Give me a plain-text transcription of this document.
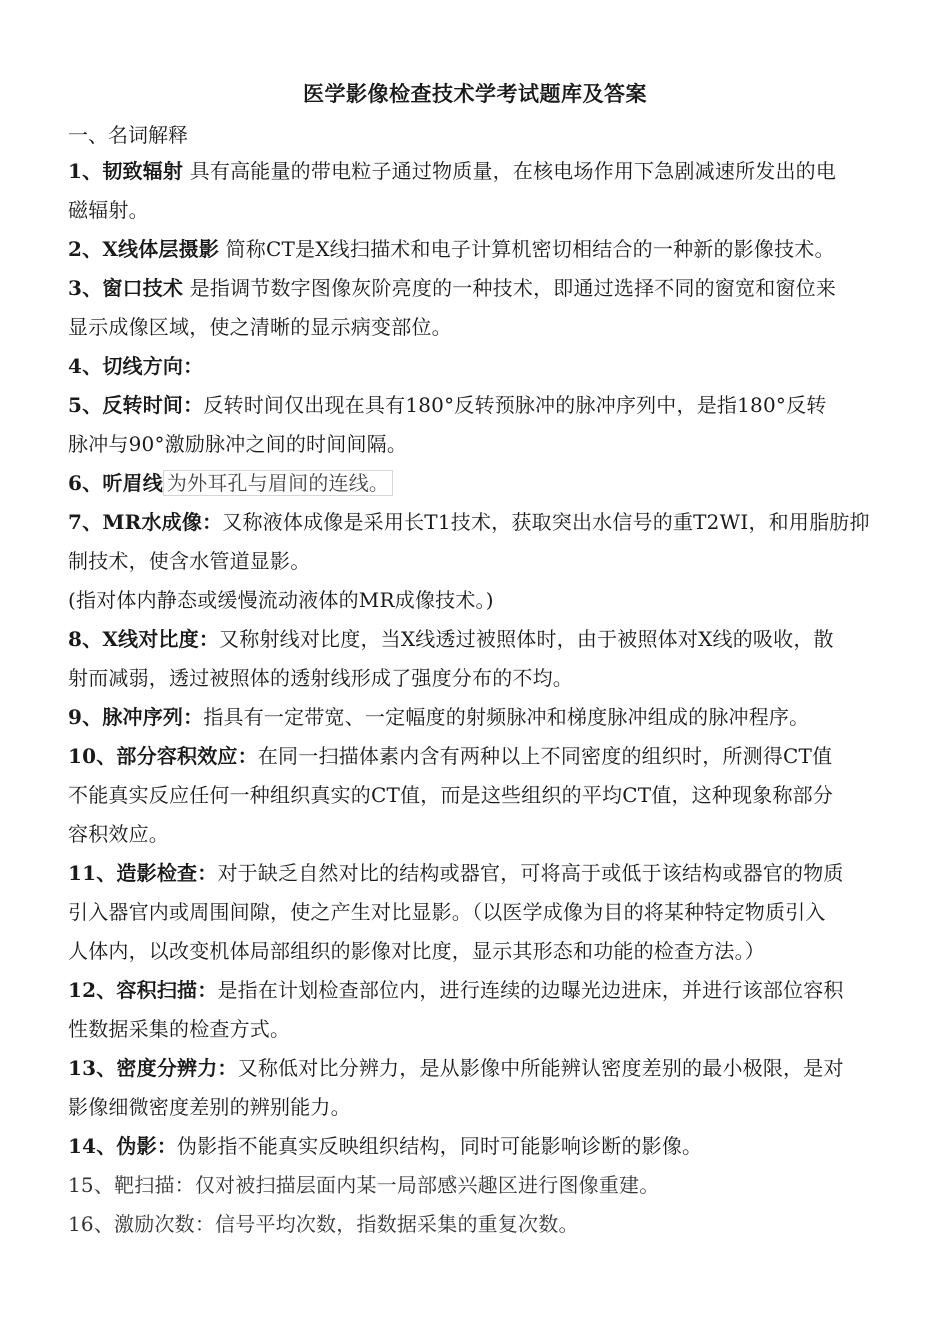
医学影像检查技术学考试题库及答案
一、名词解释
1、韧致辐射 具有高能量的带电粒子通过物质量，在核电场作用下急剧减速所发出的电
磁辐射。
2、X线体层摄影 简称CT是X线扫描术和电子计算机密切相结合的一种新的影像技术。
3、窗口技术 是指调节数字图像灰阶亮度的一种技术，即通过选择不同的窗宽和窗位来
显示成像区域，使之清晰的显示病变部位。
4、切线方向：
5、反转时间：反转时间仅出现在具有180°反转预脉冲的脉冲序列中，是指180°反转
脉冲与90°激励脉冲之间的时间间隔。
6、听眉线 为外耳孔与眉间的连线。
7、MR水成像：又称液体成像是采用长T1技术，获取突出水信号的重T2WI，和用脂肪抑
制技术，使含水管道显影。
(指对体内静态或缓慢流动液体的MR成像技术。)
8、X线对比度：又称射线对比度，当X线透过被照体时，由于被照体对X线的吸收，散
射而减弱，透过被照体的透射线形成了强度分布的不均。
9、脉冲序列：指具有一定带宽、一定幅度的射频脉冲和梯度脉冲组成的脉冲程序。
10、部分容积效应：在同一扫描体素内含有两种以上不同密度的组织时，所测得CT值
不能真实反应任何一种组织真实的CT值，而是这些组织的平均CT值，这种现象称部分
容积效应。
11、造影检查：对于缺乏自然对比的结构或器官，可将高于或低于该结构或器官的物质
引入器官内或周围间隙，使之产生对比显影。（以医学成像为目的将某种特定物质引入
人体内，以改变机体局部组织的影像对比度，显示其形态和功能的检查方法。）
12、容积扫描：是指在计划检查部位内，进行连续的边曝光边进床，并进行该部位容积
性数据采集的检查方式。
13、密度分辨力：又称低对比分辨力，是从影像中所能辨认密度差别的最小极限，是对
影像细微密度差别的辨别能力。
14、伪影：伪影指不能真实反映组织结构，同时可能影响诊断的影像。
15、靶扫描：仅对被扫描层面内某一局部感兴趣区进行图像重建。
16、激励次数：信号平均次数，指数据采集的重复次数。
